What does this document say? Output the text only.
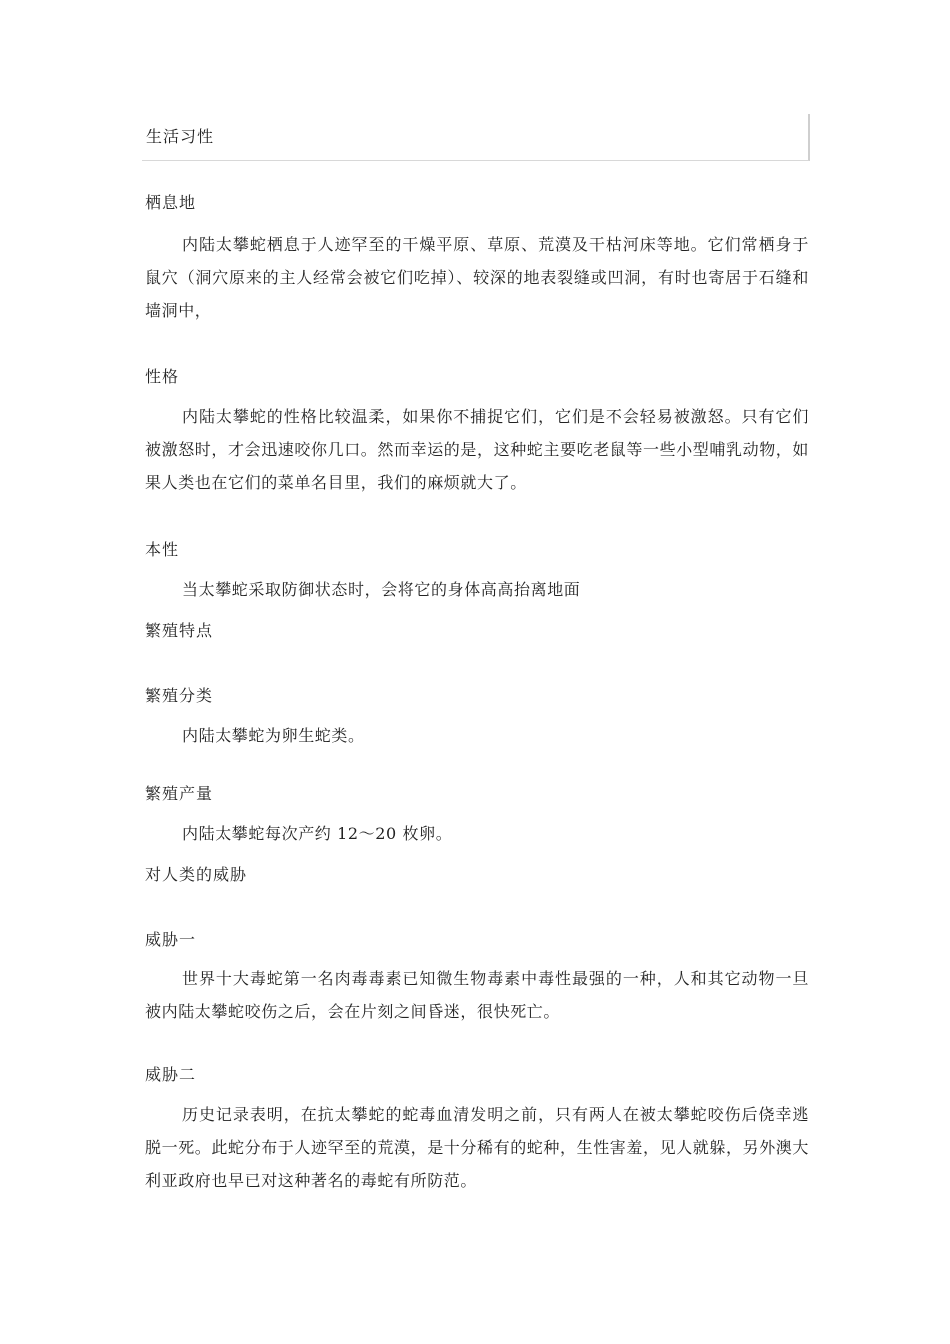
生活习性
栖息地
内陆太攀蛇栖息于人迹罕至的干燥平原、草原、荒漠及干枯河床等地。它们常栖身于鼠穴（洞穴原来的主人经常会被它们吃掉）、较深的地表裂缝或凹洞，有时也寄居于石缝和墙洞中，
性格
内陆太攀蛇的性格比较温柔，如果你不捕捉它们，它们是不会轻易被激怒。只有它们被激怒时，才会迅速咬你几口。然而幸运的是，这种蛇主要吃老鼠等一些小型哺乳动物，如果人类也在它们的菜单名目里，我们的麻烦就大了。
本性
当太攀蛇采取防御状态时，会将它的身体高高抬离地面
繁殖特点
繁殖分类
内陆太攀蛇为卵生蛇类。
繁殖产量
内陆太攀蛇每次产约 12～20 枚卵。
对人类的威胁
威胁一
世界十大毒蛇第一名肉毒毒素已知微生物毒素中毒性最强的一种，人和其它动物一旦被内陆太攀蛇咬伤之后，会在片刻之间昏迷，很快死亡。
威胁二
历史记录表明，在抗太攀蛇的蛇毒血清发明之前，只有两人在被太攀蛇咬伤后侥幸逃脱一死。此蛇分布于人迹罕至的荒漠，是十分稀有的蛇种，生性害羞，见人就躲，另外澳大利亚政府也早已对这种著名的毒蛇有所防范。
